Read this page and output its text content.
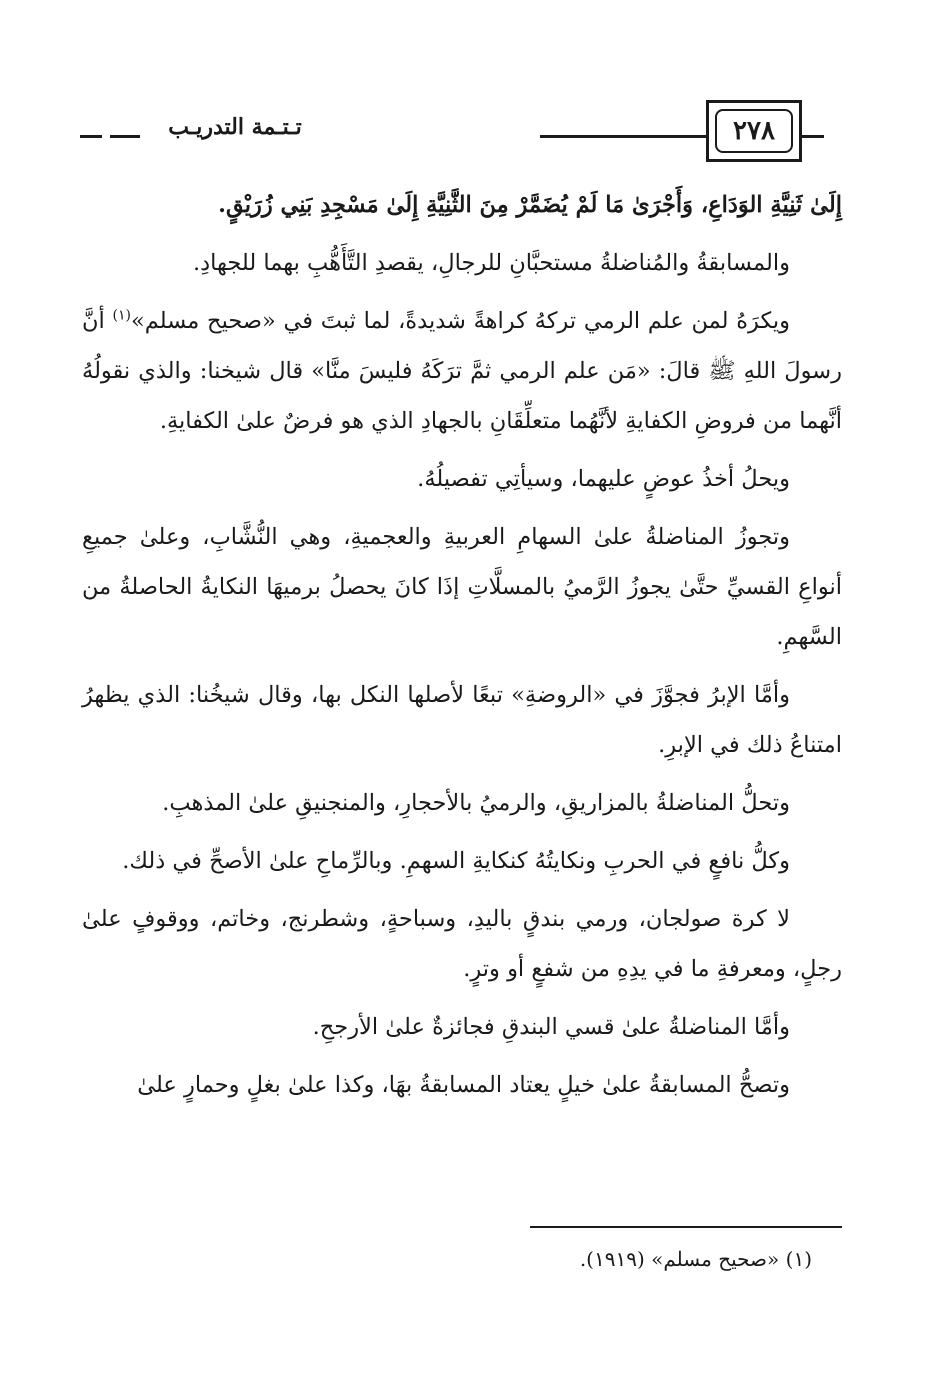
تـتـمة التدريـب	٢٧٨

إِلَىٰ ثَنِيَّةِ الوَدَاعِ، وَأَجْرَىٰ مَا لَمْ يُضَمَّرْ مِنَ الثَّنِيَّةِ إِلَىٰ مَسْجِدِ بَنِي زُرَيْقٍ.

والمسابقةُ والمُناضلةُ مستحبَّانِ للرجالِ، يقصدِ التَّأَهُّبِ بهما للجهادِ.

ويكرَهُ لمن علم الرمي تركهُ كراهةً شديدةً، لما ثبتَ في «صحيح مسلم»$^{(١)}$ أنَّ رسولَ اللهِ ﷺ قالَ: «مَن علم الرمي ثمَّ ترَكَهُ فليسَ منَّا» قال شيخنا: والذي نقولُهُ أنَّهما من فروضِ الكفايةِ لأنَّهُما متعلِّقَانِ بالجهادِ الذي هو فرضٌ علىٰ الكفايةِ.

ويحلُ أخذُ عوضٍ عليهما، وسيأتِي تفصيلُهُ.

وتجوزُ المناضلةُ علىٰ السهامِ العربيةِ والعجميةِ، وهي النُّشَّابِ، وعلىٰ جميعِ أنواعِ القسيِّ حتَّىٰ يجوزُ الرَّميُ بالمسلَّاتِ إذَا كانَ يحصلُ برميهَا النكايةُ الحاصلةُ من السَّهمِ.

وأمَّا الإبرُ فجوَّزَ في «الروضةِ» تبعًا لأصلها النكل بها، وقال شيخُنا: الذي يظهرُ امتناعُ ذلك في الإبرِ.

وتحلُّ المناضلةُ بالمزاريقِ، والرميُ بالأحجارِ، والمنجنيقِ علىٰ المذهبِ.

وكلُّ نافعٍ في الحربِ ونكايتُهُ كنكايةِ السهمِ. وبالرِّماحِ علىٰ الأصحِّ في ذلك.

لا كرة صولجان، ورمي بندقٍ باليدِ، وسباحةٍ، وشطرنج، وخاتم، ووقوفٍ علىٰ رجلٍ، ومعرفةِ ما في يدِهِ من شفعٍ أو وترٍ.

وأمَّا المناضلةُ علىٰ قسي البندقِ فجائزةٌ علىٰ الأرجحِ.

وتصحُّ المسابقةُ علىٰ خيلٍ يعتاد المسابقةُ بهَا، وكذا علىٰ بغلٍ وحمارٍ علىٰ

(١) «صحيح مسلم» (١٩١٩).
